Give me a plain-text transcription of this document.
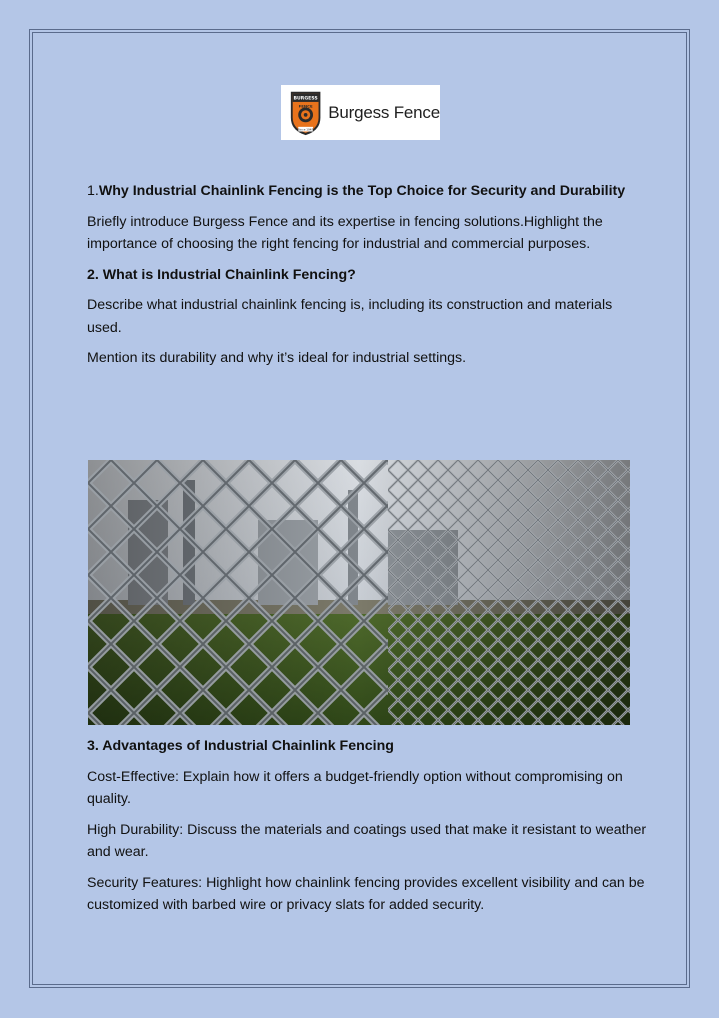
BURGESS
FENCE
Since 1945
Burgess Fence

1.Why Industrial Chainlink Fencing is the Top Choice for Security and Durability

Briefly introduce Burgess Fence and its expertise in fencing solutions.Highlight the importance of choosing the right fencing for industrial and commercial purposes.

2. What is Industrial Chainlink Fencing?

Describe what industrial chainlink fencing is, including its construction and materials used.

Mention its durability and why it’s ideal for industrial settings.

3. Advantages of Industrial Chainlink Fencing

Cost-Effective: Explain how it offers a budget-friendly option without compromising on quality.

High Durability: Discuss the materials and coatings used that make it resistant to weather and wear.

Security Features: Highlight how chainlink fencing provides excellent visibility and can be customized with barbed wire or privacy slats for added security.
